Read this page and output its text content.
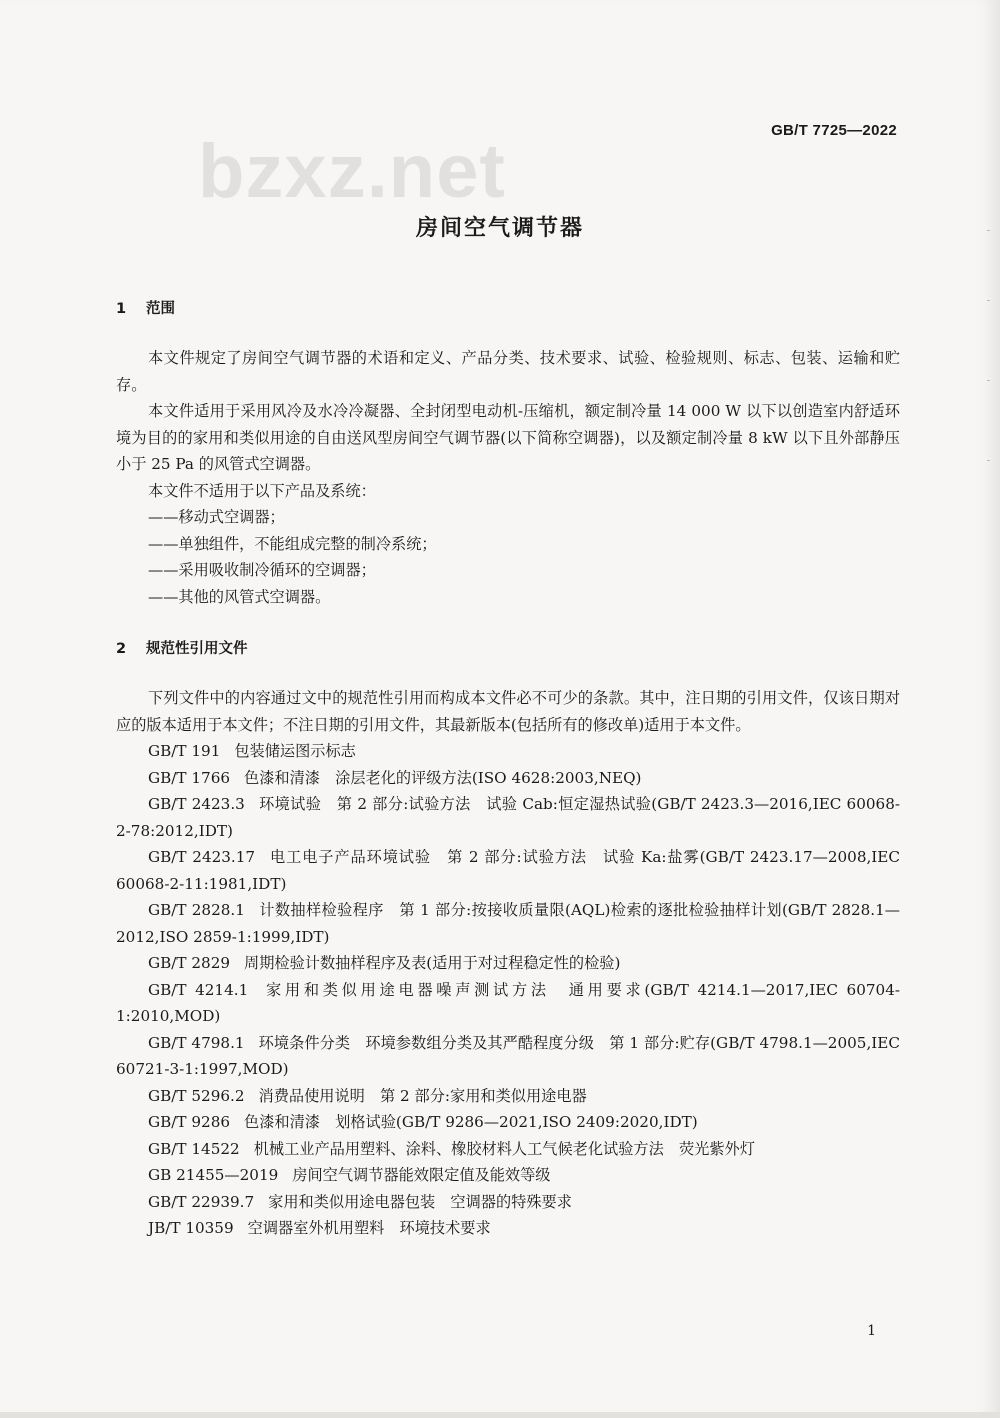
bzxz.net	GB/T 7725—2022
房间空气调节器
1 范围

本文件规定了房间空气调节器的术语和定义、产品分类、技术要求、试验、检验规则、标志、包装、运输和贮存。

本文件适用于采用风冷及水冷冷凝器、全封闭型电动机-压缩机，额定制冷量 14 000 W 以下以创造室内舒适环境为目的的家用和类似用途的自由送风型房间空气调节器(以下简称空调器)，以及额定制冷量 8 kW 以下且外部静压小于 25 Pa 的风管式空调器。

本文件不适用于以下产品及系统：

——移动式空调器；
——单独组件，不能组成完整的制冷系统；
——采用吸收制冷循环的空调器；
——其他的风管式空调器。
2 规范性引用文件

下列文件中的内容通过文中的规范性引用而构成本文件必不可少的条款。其中，注日期的引用文件，仅该日期对应的版本适用于本文件；不注日期的引用文件，其最新版本(包括所有的修改单)适用于本文件。

GB/T 191 包装储运图示标志
GB/T 1766 色漆和清漆　涂层老化的评级方法(ISO 4628:2003,NEQ)
GB/T 2423.3 环境试验　第 2 部分:试验方法　试验 Cab:恒定湿热试验(GB/T 2423.3—2016,IEC 60068-2-78:2012,IDT)
GB/T 2423.17 电工电子产品环境试验　第 2 部分:试验方法　试验 Ka:盐雾(GB/T 2423.17—2008,IEC 60068-2-11:1981,IDT)
GB/T 2828.1 计数抽样检验程序　第 1 部分:按接收质量限(AQL)检索的逐批检验抽样计划(GB/T 2828.1—2012,ISO 2859-1:1999,IDT)
GB/T 2829 周期检验计数抽样程序及表(适用于对过程稳定性的检验)
GB/T 4214.1 家用和类似用途电器噪声测试方法　通用要求(GB/T 4214.1—2017,IEC 60704-1:2010,MOD)
GB/T 4798.1 环境条件分类　环境参数组分类及其严酷程度分级　第 1 部分:贮存(GB/T 4798.1—2005,IEC 60721-3-1:1997,MOD)
GB/T 5296.2 消费品使用说明　第 2 部分:家用和类似用途电器
GB/T 9286 色漆和清漆　划格试验(GB/T 9286—2021,ISO 2409:2020,IDT)
GB/T 14522 机械工业产品用塑料、涂料、橡胶材料人工气候老化试验方法　荧光紫外灯
GB 21455—2019 房间空气调节器能效限定值及能效等级
GB/T 22939.7 家用和类似用途电器包装　空调器的特殊要求
JB/T 10359 空调器室外机用塑料　环境技术要求
1
